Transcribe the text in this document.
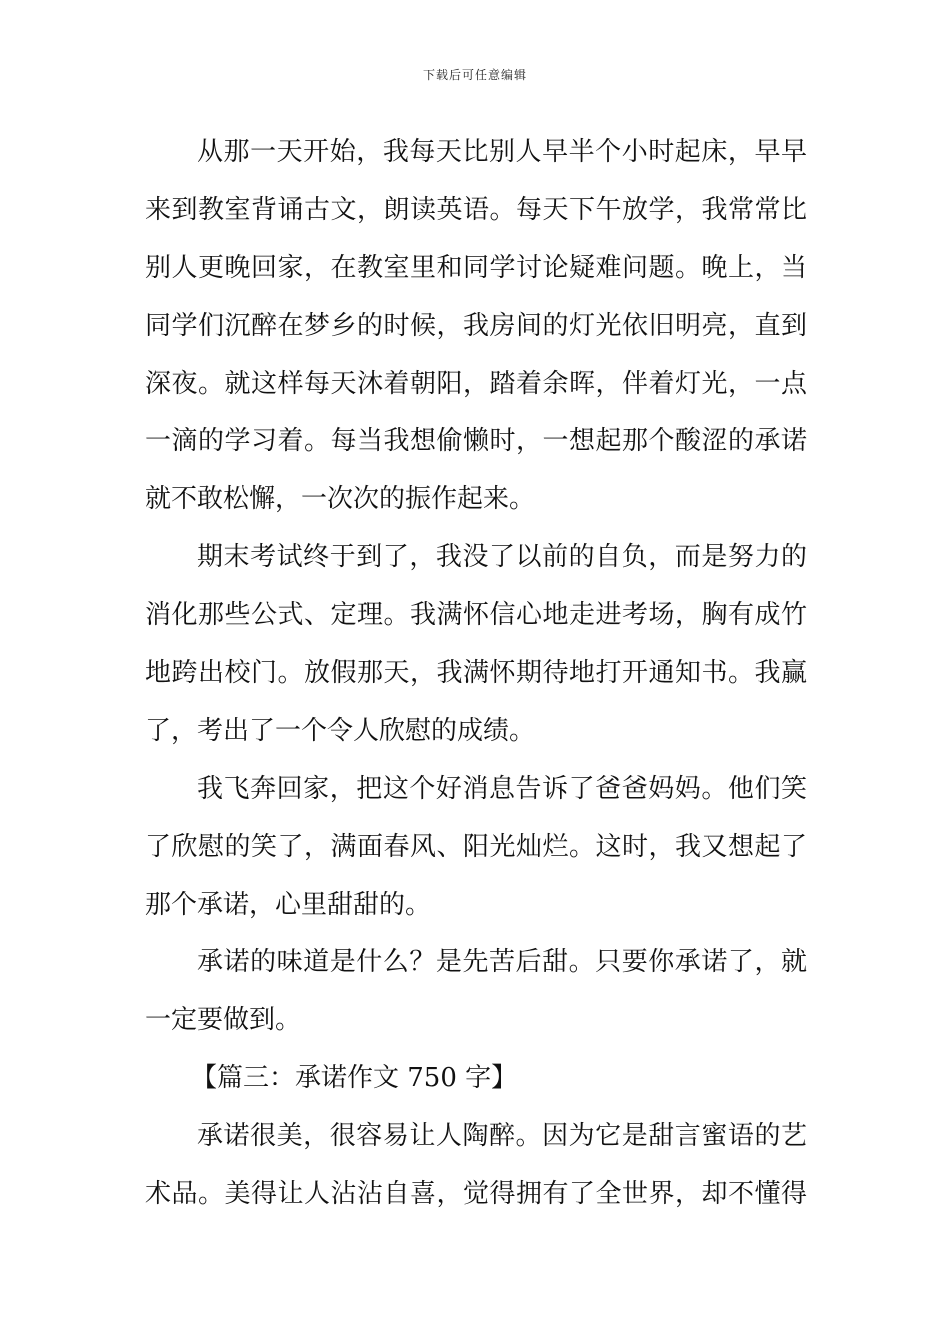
下载后可任意编辑
从那一天开始，我每天比别人早半个小时起床，早早
来到教室背诵古文，朗读英语。每天下午放学，我常常比
别人更晚回家，在教室里和同学讨论疑难问题。晚上，当
同学们沉醉在梦乡的时候，我房间的灯光依旧明亮，直到
深夜。就这样每天沐着朝阳，踏着余晖，伴着灯光，一点
一滴的学习着。每当我想偷懒时，一想起那个酸涩的承诺
就不敢松懈，一次次的振作起来。
期末考试终于到了，我没了以前的自负，而是努力的
消化那些公式、定理。我满怀信心地走进考场，胸有成竹
地跨出校门。放假那天，我满怀期待地打开通知书。我赢
了，考出了一个令人欣慰的成绩。
我飞奔回家，把这个好消息告诉了爸爸妈妈。他们笑
了欣慰的笑了，满面春风、阳光灿烂。这时，我又想起了
那个承诺，心里甜甜的。
承诺的味道是什么？是先苦后甜。只要你承诺了，就
一定要做到。
【篇三：承诺作文 750 字】
承诺很美，很容易让人陶醉。因为它是甜言蜜语的艺
术品。美得让人沾沾自喜，觉得拥有了全世界，却不懂得
